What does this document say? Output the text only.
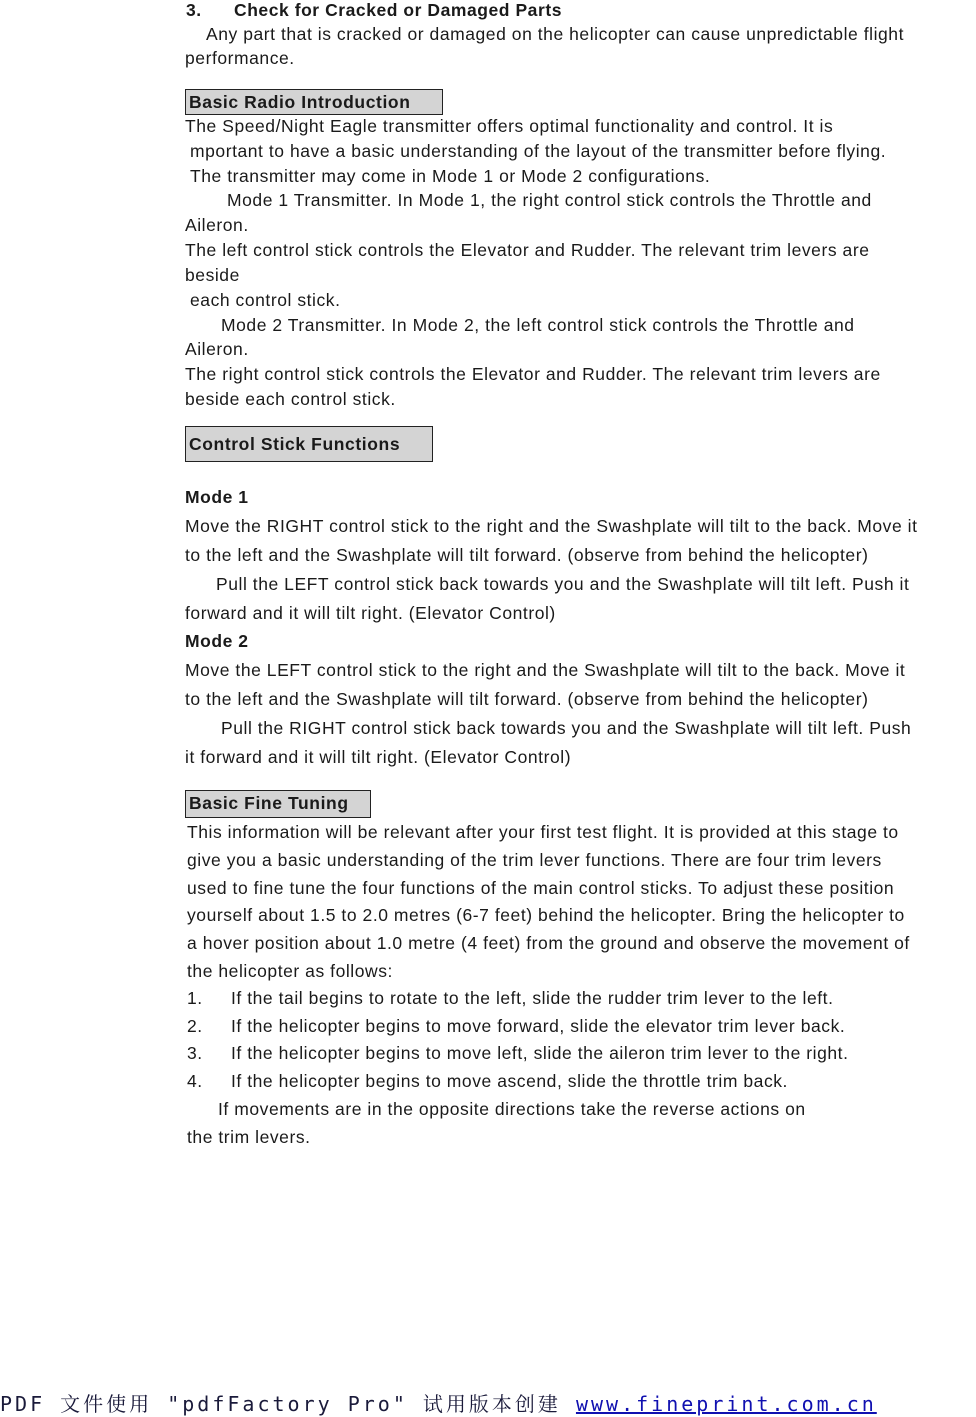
3. Check for Cracked or Damaged Parts
Any part that is cracked or damaged on the helicopter can cause unpredictable flight
performance.
Basic Radio Introduction
The Speed/Night Eagle transmitter offers optimal functionality and control. It is
mportant to have a basic understanding of the layout of the transmitter before flying.
The transmitter may come in Mode 1 or Mode 2 configurations.
Mode 1 Transmitter. In Mode 1, the right control stick controls the Throttle and
Aileron.
The left control stick controls the Elevator and Rudder. The relevant trim levers are
beside
each control stick.
Mode 2 Transmitter. In Mode 2, the left control stick controls the Throttle and
Aileron.
The right control stick controls the Elevator and Rudder. The relevant trim levers are
beside each control stick.
Control Stick Functions
Mode 1
Move the RIGHT control stick to the right and the Swashplate will tilt to the back. Move it
to the left and the Swashplate will tilt forward. (observe from behind the helicopter)
Pull the LEFT control stick back towards you and the Swashplate will tilt left. Push it
forward and it will tilt right. (Elevator Control)
Mode 2
Move the LEFT control stick to the right and the Swashplate will tilt to the back. Move it
to the left and the Swashplate will tilt forward. (observe from behind the helicopter)
Pull the RIGHT control stick back towards you and the Swashplate will tilt left. Push
it forward and it will tilt right. (Elevator Control)
Basic Fine Tuning
This information will be relevant after your first test flight. It is provided at this stage to
give you a basic understanding of the trim lever functions. There are four trim levers
used to fine tune the four functions of the main control sticks. To adjust these position
yourself about 1.5 to 2.0 metres (6-7 feet) behind the helicopter. Bring the helicopter to
a hover position about 1.0 metre (4 feet) from the ground and observe the movement of
the helicopter as follows:
1. If the tail begins to rotate to the left, slide the rudder trim lever to the left.
2. If the helicopter begins to move forward, slide the elevator trim lever back.
3. If the helicopter begins to move left, slide the aileron trim lever to the right.
4. If the helicopter begins to move ascend, slide the throttle trim back.
If movements are in the opposite directions take the reverse actions on
the trim levers.
PDF 文件使用 "pdfFactory Pro" 试用版本创建 www.fineprint.com.cn
